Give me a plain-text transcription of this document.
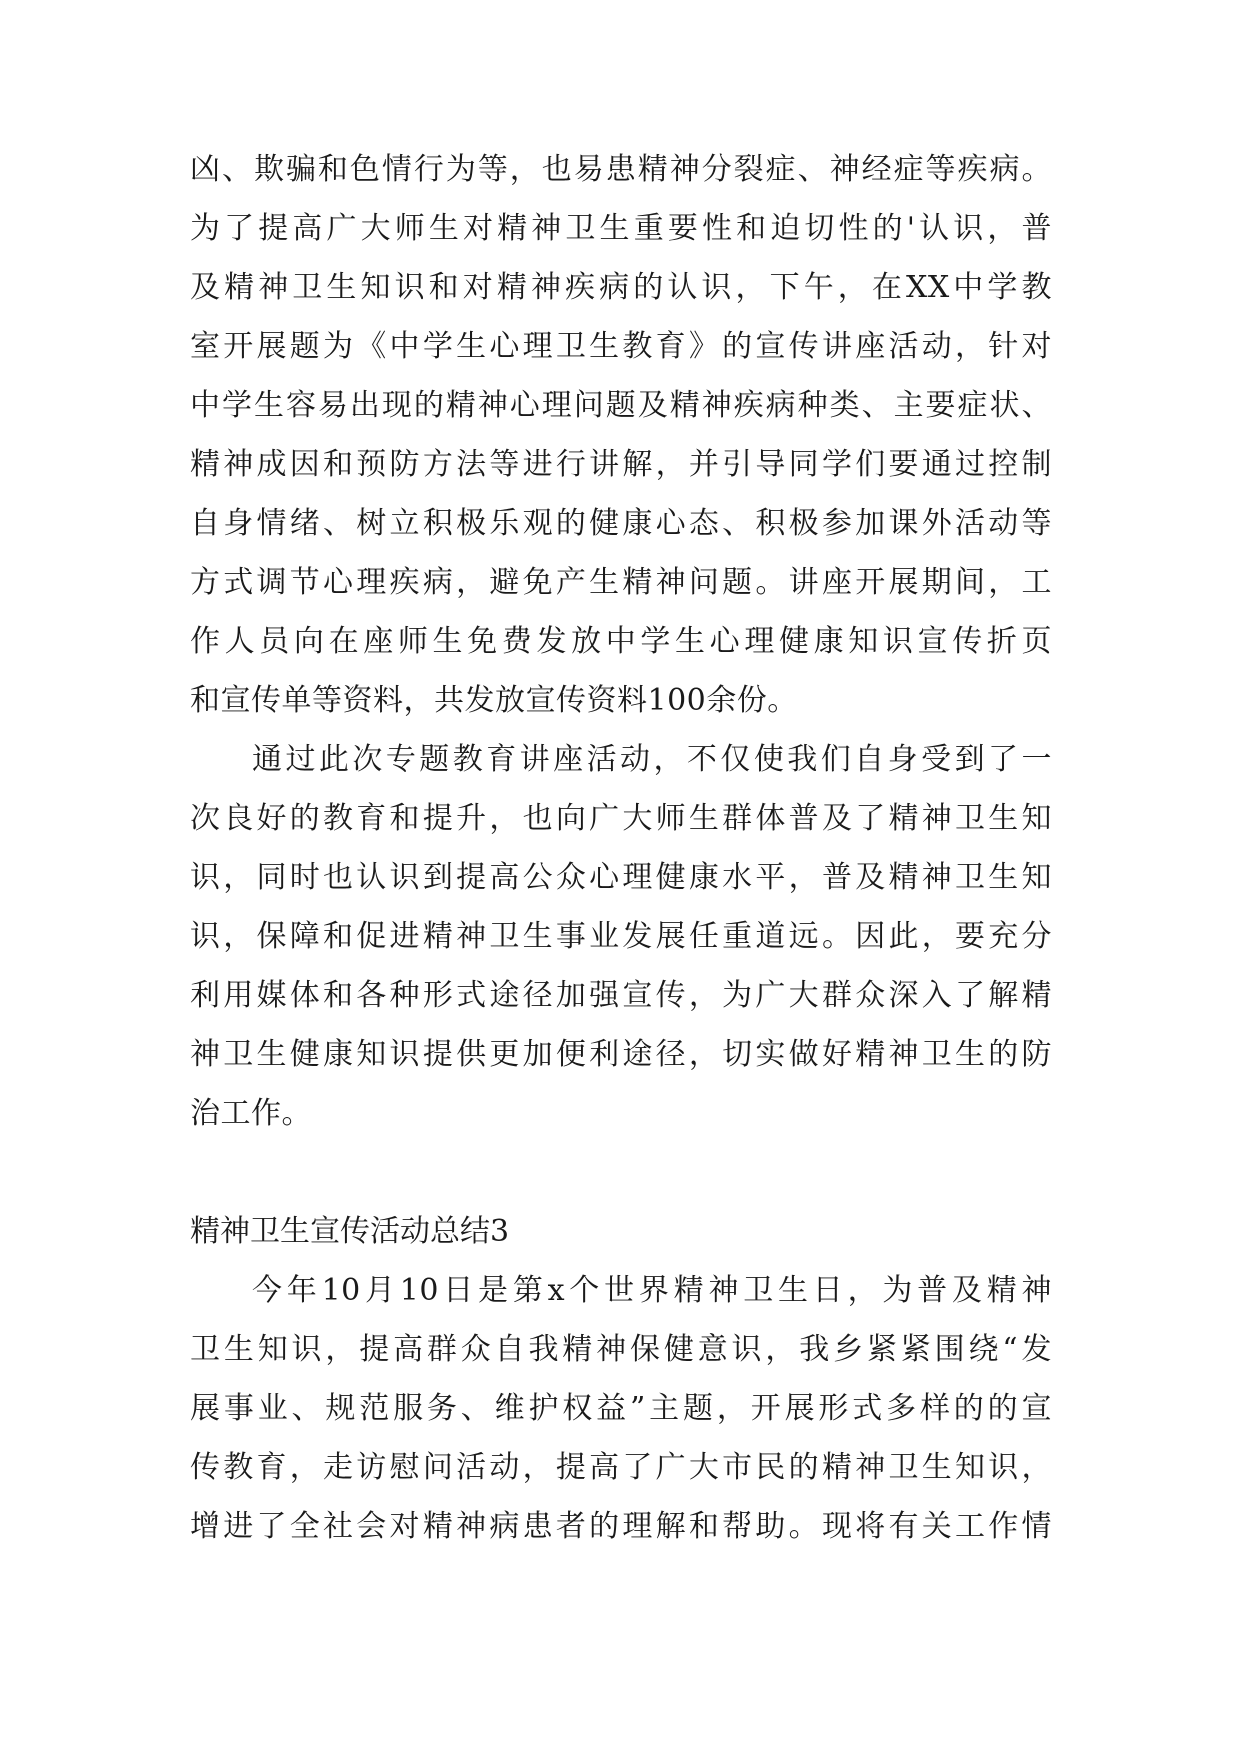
凶、欺骗和色情行为等，也易患精神分裂症、神经症等疾病。
为了提高广大师生对精神卫生重要性和迫切性的'认识，普
及精神卫生知识和对精神疾病的认识，下午，在XX中学教
室开展题为《中学生心理卫生教育》的宣传讲座活动，针对
中学生容易出现的精神心理问题及精神疾病种类、主要症状、
精神成因和预防方法等进行讲解，并引导同学们要通过控制
自身情绪、树立积极乐观的健康心态、积极参加课外活动等
方式调节心理疾病，避免产生精神问题。讲座开展期间，工
作人员向在座师生免费发放中学生心理健康知识宣传折页
和宣传单等资料，共发放宣传资料100余份。
通过此次专题教育讲座活动，不仅使我们自身受到了一
次良好的教育和提升，也向广大师生群体普及了精神卫生知
识，同时也认识到提高公众心理健康水平，普及精神卫生知
识，保障和促进精神卫生事业发展任重道远。因此，要充分
利用媒体和各种形式途径加强宣传，为广大群众深入了解精
神卫生健康知识提供更加便利途径，切实做好精神卫生的防
治工作。
精神卫生宣传活动总结3
今年10月10日是第x个世界精神卫生日，为普及精神
卫生知识，提高群众自我精神保健意识，我乡紧紧围绕“发
展事业、规范服务、维护权益”主题，开展形式多样的的宣
传教育，走访慰问活动，提高了广大市民的精神卫生知识，
增进了全社会对精神病患者的理解和帮助。现将有关工作情
